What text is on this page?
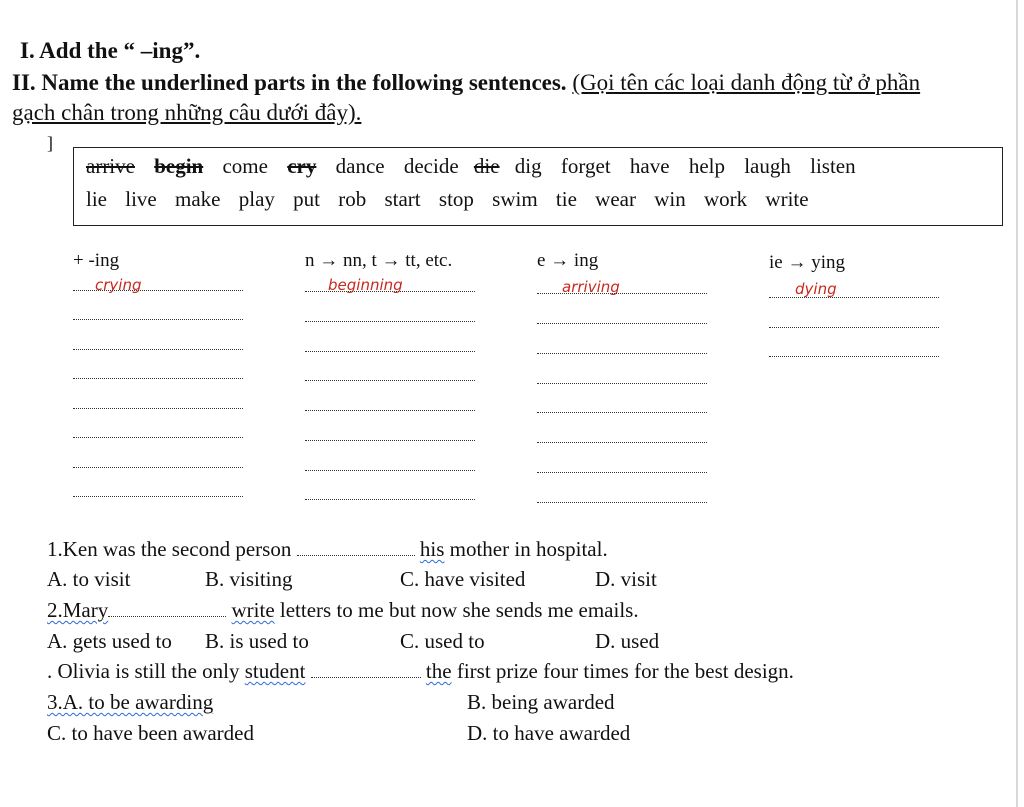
I. Add the “ –ing”.
II. Name the underlined parts in the following sentences. (Gọi tên các loại danh động từ ở phần
gạch chân trong những câu dưới đây).
]
arrive begin come cry dance decide die dig forget have help laugh listen
lie live make play put rob start stop swim tie wear win work write
+ -ing	n → nn, t → tt, etc.	e → ing	ie → ying
crying	beginning	arriving	dying
1.Ken was the second person	his mother in hospital.
A. to visit	B. visiting	C. have visited	D. visit
2.Mary	write letters to me but now she sends me emails.
A. gets used to B. is used to	C. used to	D. used
. Olivia is still the only student	the first prize four times for the best design.
3.A. to be awarding	B. being awarded
C. to have been awarded	D. to have awarded
